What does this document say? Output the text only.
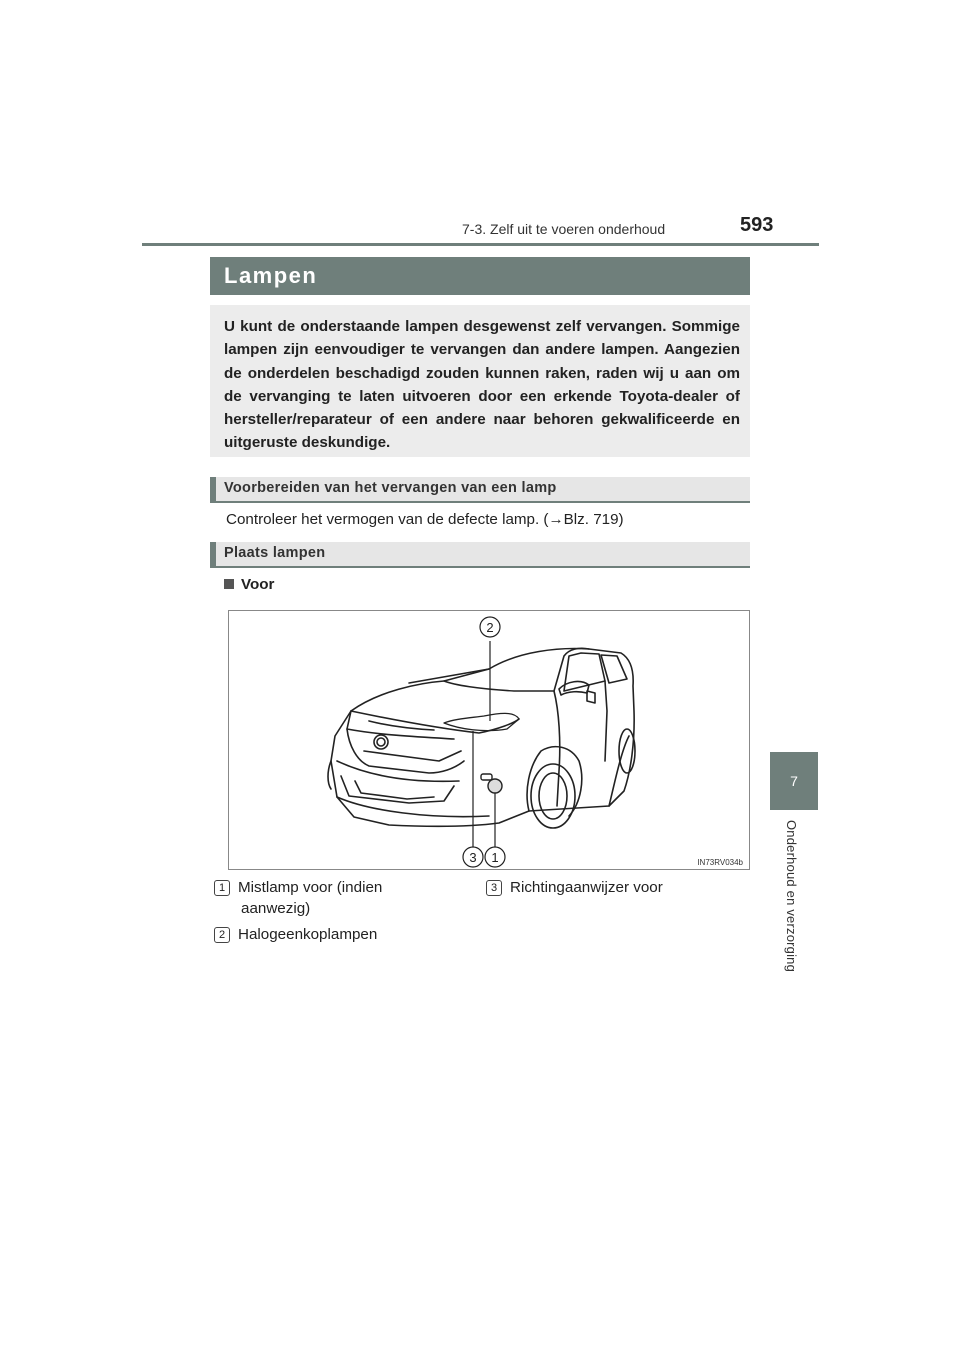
7-3. Zelf uit te voeren onderhoud	593
7
Onderhoud en verzorging
Lampen

U kunt de onderstaande lampen desgewenst zelf vervangen. Sommige lampen zijn eenvoudiger te vervangen dan andere lampen. Aangezien de onderdelen beschadigd zouden kunnen raken, raden wij u aan om de vervanging te laten uitvoeren door een erkende Toyota-dealer of hersteller/reparateur of een andere naar behoren gekwalificeerde en uitgeruste deskundige.

Voorbereiden van het vervangen van een lamp
Controleer het vermogen van de defecte lamp. (→Blz. 719)
Plaats lampen
Voor
2
3 1	IN73RV034b
1 Mistlamp voor (indien
aanwezig)
2 Halogeenkoplampen
3 Richtingaanwijzer voor
